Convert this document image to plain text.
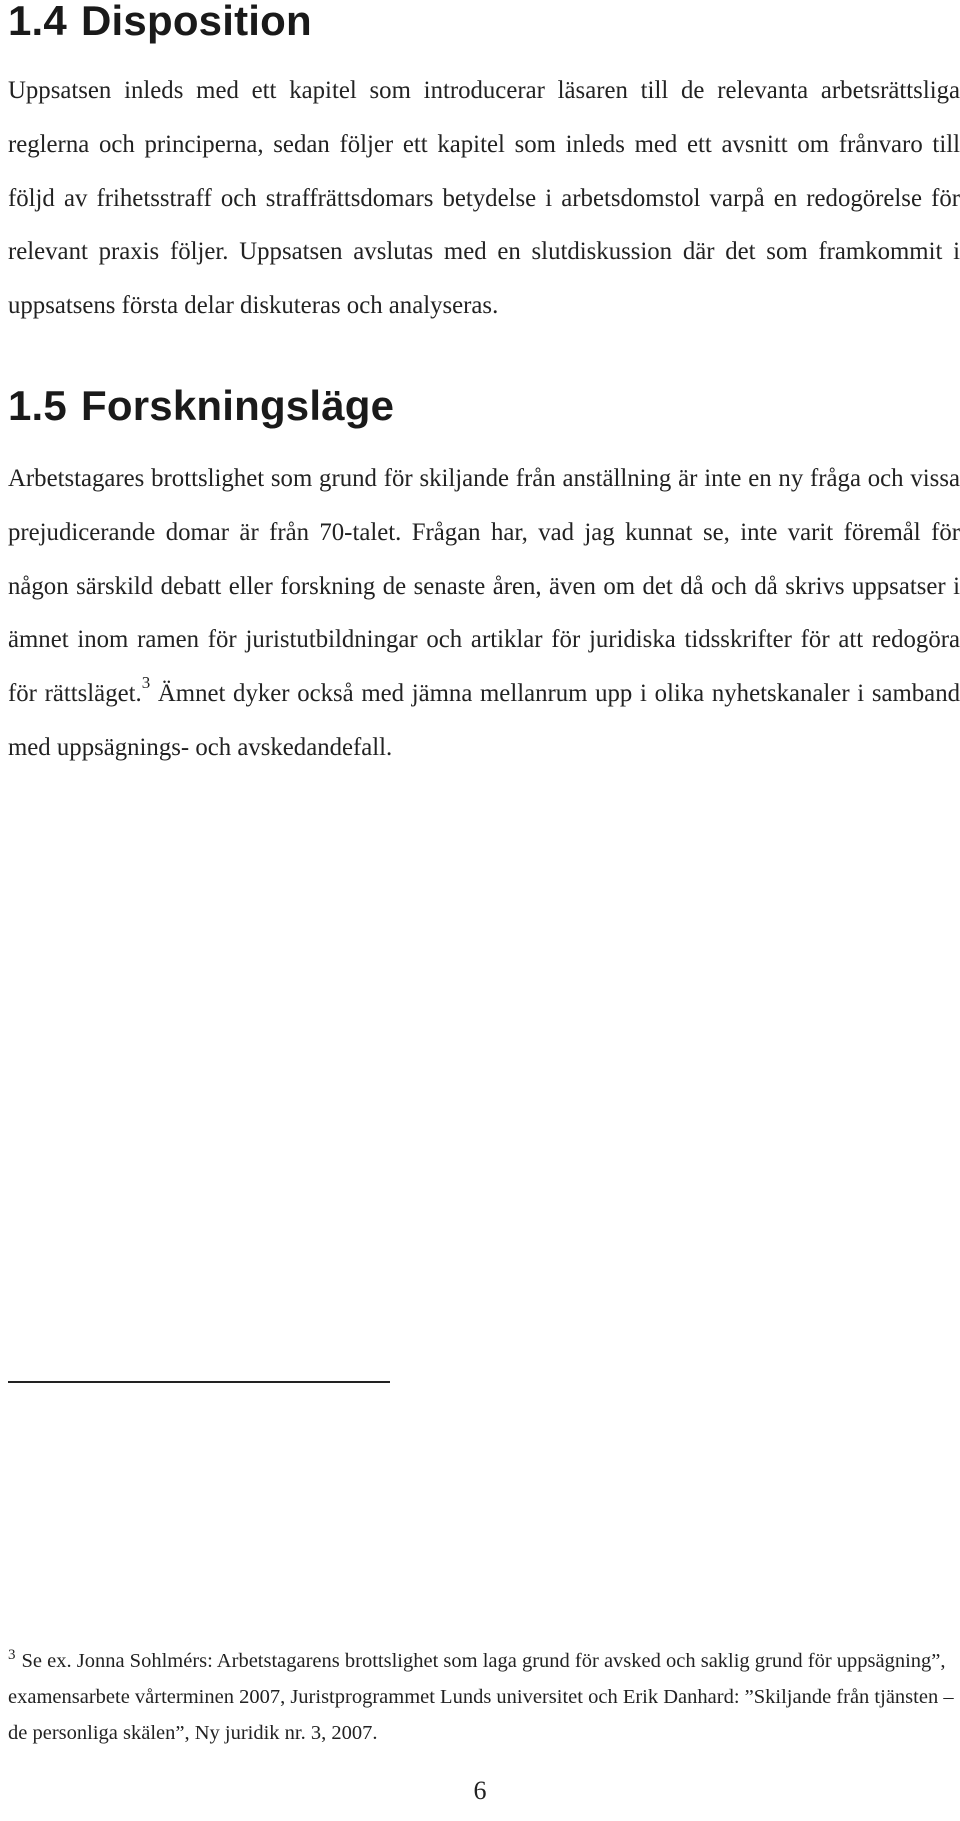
1.4 Disposition

Uppsatsen inleds med ett kapitel som introducerar läsaren till de relevanta arbetsrättsliga reglerna och principerna, sedan följer ett kapitel som inleds med ett avsnitt om frånvaro till följd av frihetsstraff och straffrättsdomars betydelse i arbetsdomstol varpå en redogörelse för relevant praxis följer. Uppsatsen avslutas med en slutdiskussion där det som framkommit i uppsatsens första delar diskuteras och analyseras.

1.5 Forskningsläge

Arbetstagares brottslighet som grund för skiljande från anställning är inte en ny fråga och vissa prejudicerande domar är från 70-talet. Frågan har, vad jag kunnat se, inte varit föremål för någon särskild debatt eller forskning de senaste åren, även om det då och då skrivs uppsatser i ämnet inom ramen för juristutbildningar och artiklar för juridiska tidsskrifter för att redogöra för rättsläget.$^3$ Ämnet dyker också med jämna mellanrum upp i olika nyhetskanaler i samband med uppsägnings- och avskedandefall.

$^3$ Se ex. Jonna Sohlmérs: Arbetstagarens brottslighet som laga grund för avsked och saklig grund för uppsägning”, examensarbete vårterminen 2007, Juristprogrammet Lunds universitet och Erik Danhard: ”Skiljande från tjänsten – de personliga skälen”, Ny juridik nr. 3, 2007.

6
